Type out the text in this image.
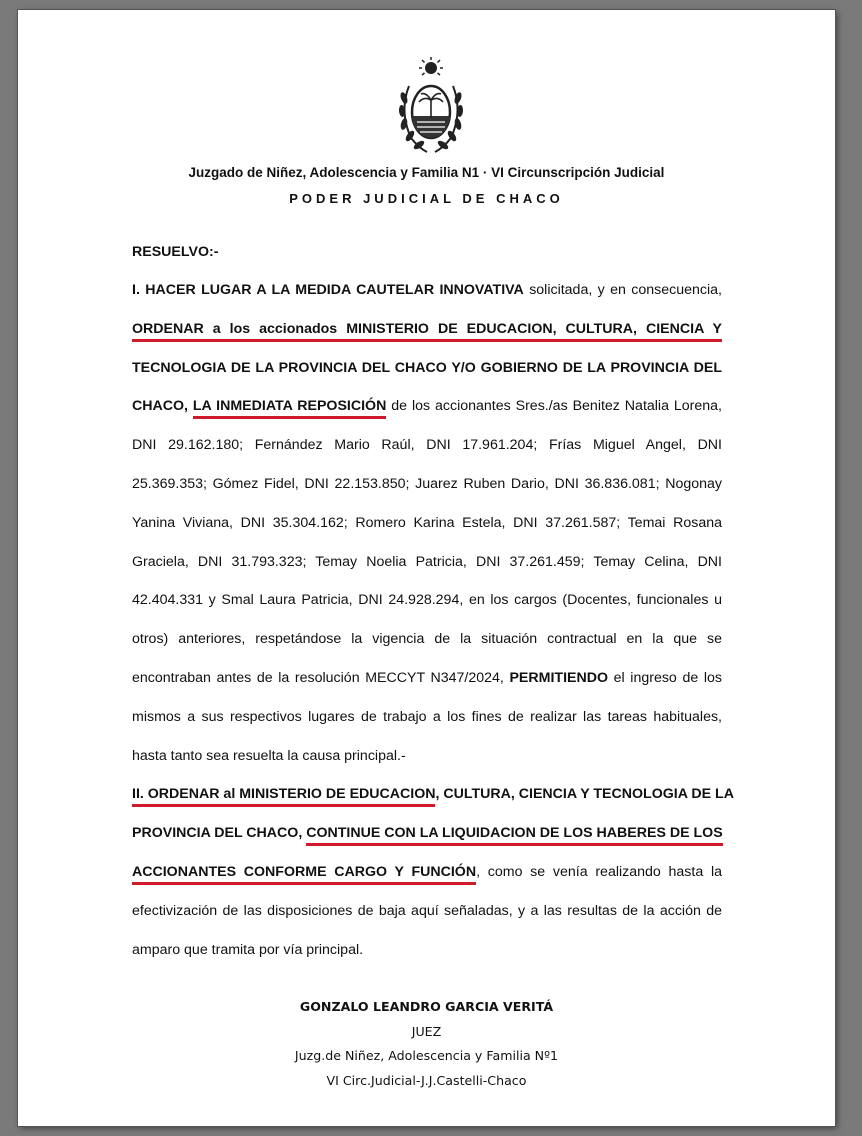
Juzgado de Niñez, Adolescencia y Familia N1 · VI Circunscripción Judicial
PODER JUDICIAL DE CHACO
RESUELVO:-
I. HACER LUGAR A LA MEDIDA CAUTELAR INNOVATIVA solicitada, y en consecuencia,
ORDENAR a los accionados MINISTERIO DE EDUCACION, CULTURA, CIENCIA Y
TECNOLOGIA DE LA PROVINCIA DEL CHACO Y/O GOBIERNO DE LA PROVINCIA DEL
CHACO, LA INMEDIATA REPOSICIÓN de los accionantes Sres./as Benitez Natalia Lorena,
DNI 29.162.180; Fernández Mario Raúl, DNI 17.961.204; Frías Miguel Angel, DNI
25.369.353; Gómez Fidel, DNI 22.153.850; Juarez Ruben Dario, DNI 36.836.081; Nogonay
Yanina Viviana, DNI 35.304.162; Romero Karina Estela, DNI 37.261.587; Temai Rosana
Graciela, DNI 31.793.323; Temay Noelia Patricia, DNI 37.261.459; Temay Celina, DNI
42.404.331 y Smal Laura Patricia, DNI 24.928.294, en los cargos (Docentes, funcionales u
otros) anteriores, respetándose la vigencia de la situación contractual en la que se
encontraban antes de la resolución MECCYT N347/2024, PERMITIENDO el ingreso de los
mismos a sus respectivos lugares de trabajo a los fines de realizar las tareas habituales,
hasta tanto sea resuelta la causa principal.-
II. ORDENAR al MINISTERIO DE EDUCACION, CULTURA, CIENCIA Y TECNOLOGIA DE LA
PROVINCIA DEL CHACO, CONTINUE CON LA LIQUIDACION DE LOS HABERES DE LOS
ACCIONANTES CONFORME CARGO Y FUNCIÓN, como se venía realizando hasta la
efectivización de las disposiciones de baja aquí señaladas, y a las resultas de la acción de
amparo que tramita por vía principal.
GONZALO LEANDRO GARCIA VERITÁ
JUEZ
Juzg.de Niñez, Adolescencia y Familia Nº1
VI Circ.Judicial-J.J.Castelli-Chaco
